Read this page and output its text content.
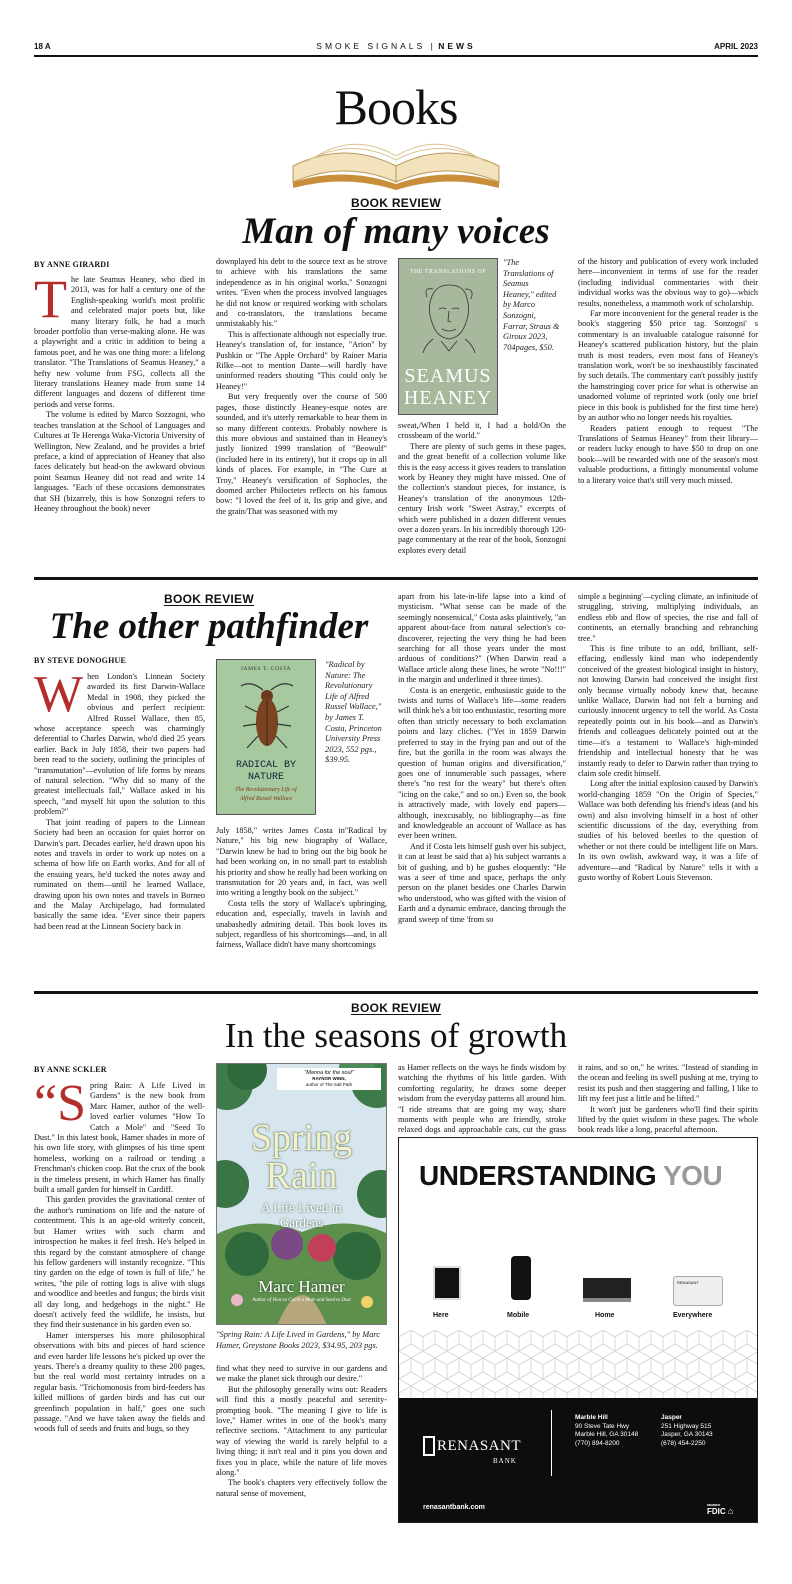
18 A	SMOKE SIGNALS | NEWS	APRIL 2023
Books
BOOK REVIEW
Man of many voices
BY ANNE GIRARDI
T he late Seamus Heaney, who died in 2013, was for half a century one of the English-speaking world's most prolific and celebrated major poets but, like many literary folk, he had a much broader portfolio than verse-making alone. He was a playwright and a critic in addition to being a famous poet, and he was one thing more: a lifelong translator. "The Translations of Seamus Heaney," a hefty new volume from FSG, collects all the literary translations Heaney made from some 14 different languages and dozens of different time periods and verse forms.

The volume is edited by Marco Sozzogni, who teaches translation at the School of Languages and Cultures at Te Herenga Waka-Victoria University of Wellington, New Zealand, and he provides a brief preface, a kind of appreciation of Heaney that also faces delicately but head-on the awkward obvious point Seamus Heaney did not read and write 14 languages. "Each of these occasions demonstrates that SH (bizarrely, this is how Sonzogni refers to Heaney throughout the book) never

downplayed his debt to the source text as he strove to achieve with his translations the same independence as in his original works," Sonzogni writes. "Even when the process involved languages he did not know or required working with scholars and co-translators, the translations became unmistakably his."

This is affectionate although not especially true. Heaney's translation of, for instance, "Arion" by Pushkin or "The Apple Orchard" by Rainer Maria Rilke—not to mention Dante—will hardly have uninformed readers shouting "This could only be Heaney!"

But very frequently over the course of 500 pages, those distinctly Heaney-esque notes are sounded, and it's utterly remarkable to hear them in so many different contexts. Probably nowhere is this more obvious and sustained than in Heaney's justly lionized 1999 translation of "Beowulf" (included here in its entirety), but it crops up in all kinds of places. For example, in "The Cure at Troy," Heaney's versification of Sophocles, the doomed archer Philoctetes reflects on his famous bow: "I loved the feel of it, Its grip and give, and the grain/That was seasoned with my

THE TRANSLATIONS OF
SEAMUS
HEANEY
"The Translations of Seamus Heaney," edited by Marco Sonzogni, Farrar, Straus & Giroux 2023, 704pages, $50.

sweat,/When I held it, I had a hold/On the crossbeam of the world."

There are plenty of such gems in these pages, and the great benefit of a collection volume like this is the easy access it gives readers to translation work by Heaney they might have missed. One of the collection's standout pieces, for instance, is Heaney's translation of the anonymous 12th-century Irish work "Sweet Astray," excerpts of which were published in a dozen different venues over a dozen years. In his incredibly thorough 120-page commentary at the rear of the book, Sonzogni explores every detail

of the history and publication of every work included here—inconvenient in terms of use for the reader (including individual commentaries with their individual works was the obvious way to go)—which results, nonetheless, a mammoth work of scholarship.

Far more inconvenient for the general reader is the book's staggering $50 price tag. Sonzogni' s commentary is an invaluable catalogue raisonné for Heaney's scattered publication history, but the plain truth is most readers, even most fans of Heaney's translation work, won't be so inexhaustibly fascinated by such details. The commentary can't possibly justify the hamstringing cover price for what is otherwise an unadorned volume of reprinted work (only one brief piece in this book is published for the first time here) by an author who no longer needs his royalties.

Readers patient enough to request "The Translations of Seamus Heaney" from their library—or readers lucky enough to have $50 to drop on one book—will be rewarded with one of the season's most valuable productions, a fittingly monumental volume to a literary voice that's still very much missed.

BOOK REVIEW
The other pathfinder
BY STEVE DONOGHUE
W hen London's Linnean Society awarded its first Darwin-Wallace Medal in 1908, they picked the obvious and perfect recipient: Alfred Russel Wallace, then 85, whose acceptance speech was charmingly deferential to Charles Darwin, who'd died 25 years earlier. Back in July 1858, their two papers had been read to the society, outlining the principles of "transmutation"—evolution of life forms by means of natural selection. "Why did so many of the greatest intellectuals fail," Wallace asked in his speech, "and myself hit upon the solution to this problem?"

That joint reading of papers to the Linnean Society had been an occasion for quiet horror on Darwin's part. Decades earlier, he'd drawn upon his notes and travels in order to work up notes on a schema of how life on Earth works. And for all of the ensuing years, he'd tucked the notes away and ruminated on them—until he learned Wallace, drawing upon his own notes and travels in Borneo and the Malay Archipelago, had formulated basically the same idea. "Ever since their papers had been read at the Linnean Society back in

JAMES T. COSTA
RADICAL BY
NATURE
The Revolutionary Life of
Alfred Russel Wallace
"Radical by Nature: The Revolutionary Life of Alfred Russel Wallace," by James T. Costa, Princeton University Press 2023, 552 pgs., $39.95.

July 1858," writes James Costa in"Radical by Nature," his big new biography of Wallace, "Darwin knew he had to bring out the big book he had been working on, in no small part to establish his priority and show he really had been working on transmutation for 20 years and, in fact, was well into writing a lengthy book on the subject."

Costa tells the story of Wallace's upbringing, education and, especially, travels in lavish and unabashedly admiring detail. This book loves its subject, regardless of his shortcomings—and, in all fairness, Wallace didn't have many shortcomings

apart from his late-in-life lapse into a kind of mysticism. "What sense can be made of the seemingly nonsensical," Costa asks plaintively, "an apparent about-face from natural selection's co-discoverer, rejecting the very thing he had been searching for all those years under the most arduous of conditions?" (When Darwin read a Wallace article along these lines, he wrote "No!!!" in the margin and underlined it three times).

Costa is an energetic, enthusiastic guide to the twists and turns of Wallace's life—some readers will think he's a bit too enthusiastic, resorting more often than strictly necessary to both exclamation points and lazy cliches. ("Yet in 1859 Darwin preferred to stay in the frying pan and out of the fire, but the gorilla in the room was always the question of human origins and diversification," goes one of innumerable such passages, where there's "no rest for the weary" but there's often "icing on the cake," and so on.) Even so, the book is attractively made, with lovely end papers—although, inexcusably, no bibliography—as fine and knowledgeable an account of Wallace as has ever been written.

And if Costa lets himself gush over his subject, it can at least be said that a) his subject warrants a bit of gushing, and b) he gushes eloquently: "He was a seer of time and space, perhaps the only person on the planet besides one Charles Darwin who understood, who was gifted with the vision of Earth and a dynamic embrace, dancing through the grand sweep of time 'from so

simple a beginning'—cycling climate, an infinitude of struggling, striving, multiplying individuals, an endless ebb and flow of species, the rise and fall of continents, an eternally branching and rebranching tree."

This is fine tribute to an odd, brilliant, self-effacing, endlessly kind man who independently conceived of the greatest biological insight in history, not knowing Darwin had conceived the insight first only because virtually nobody knew that, because unlike Wallace, Darwin had not felt a burning and curiously innocent urgency to tell the world. As Costa repeatedly points out in his book—and as Darwin's friends and colleagues delicately pointed out at the time—it's a testament to Wallace's high-minded friendship and intellectual honesty that he was instantly ready to defer to Darwin rather than trying to claim sole credit himself.

Long after the initial explosion caused by Darwin's world-changing 1859 "On the Origin of Species," Wallace was both defending his friend's ideas (and his own) and also involving himself in a host of other scientific discussions of the day, everything from studies of his beloved beetles to the question of whether or not there could be intelligent life on Mars. In its own owlish, awkward way, it was a life of adventure—and "Radical by Nature" tells it with a gusto worthy of Robert Louis Stevenson.

BOOK REVIEW
In the seasons of growth
BY ANNE SCKLER
“S pring Rain: A Life Lived in Gardens" is the new book from Marc Hamer, author of the well-loved earlier volumes "How To Catch a Mole" and "Seed To Dust." In this latest book, Hamer shades in more of his own life story, with glimpses of his time spent homeless, working on a railroad or tending a Frenchman's chicken coop. But the crux of the book is the timeless present, in which Hamer has finally built a small garden for himself in Cardiff.

This garden provides the gravitational center of the author's ruminations on life and the nature of contentment. This is an age-old writerly conceit, but Hamer writes with such charm and introspection he makes it feel fresh. He's helped in this regard by the constant atmosphere of change his fellow gardeners will instantly recognize. "This tiny garden on the edge of town is full of life," he writes, "the pile of rotting logs is alive with slugs and woodlice and beetles and fungus; the birds visit all day long, and hedgehogs in the night." He doesn't actively feed the wildlife, he insists, but they find their sustenance in his garden even so.

Hamer intersperses his more philosophical observations with bits and pieces of hard science and even harder life lessons he's picked up over the years. There's a dreamy quality to these 200 pages, but the real world most certainty intrudes on a regular basis. "Trichomonosis from bird-feeders has killed millions of garden birds and has cut our greenfinch population in half," goes one such passage. "And we have taken away the fields and woods full of seeds and fruits and bugs, so they

"Manna for the soul"
RAYNOR WINN,
author of The Salt Path
Spring
Rain
A Life Lived in
Gardens
Marc Hamer
Author of How to Catch a Mole and Seed to Dust
"Spring Rain: A Life Lived in Gardens," by Marc Hamer, Greystone Books 2023, $34.95, 203 pgs.

find what they need to survive in our gardens and we make the planet sick through our desire."

But the philosophy generally wins out: Readers will find this a mostly peaceful and serenity-prompting book. "The meaning I give to life is love," Hamer writes in one of the book's many reflective sections. "Attachment to any particular way of viewing the world is rarely helpful to a living thing; it isn't real and it pins you down and fixes you in place, while the nature of life moves along."

The book's chapters very effectively follow the natural sense of movement,

as Hamer reflects on the ways he finds wisdom by watching the rhythms of his little garden. With comforting regularity, he draws some deeper wisdom from the everyday patterns all around him. "I ride streams that are going my way, share moments with people who are friendly, stroke relaxed dogs and approachable cats, cut the grass

it rains, and so on," he writes. "Instead of standing in the ocean and feeling its swell pushing at me, trying to resist its push and then staggering and falling, I like to lift my feet just a little and be lifted."

It won't just be gardeners who'll find their spirits lifted by the quiet wisdom in these pages. The whole book reads like a long, peaceful afternoon.

UNDERSTANDING YOU
RENASANT
Here	Mobile	Home	Everywhere
RENASANT
BANK
Marble Hill
90 Steve Tate Hwy
Marble Hill, GA 30148
(770) 894-8200
Jasper
251 Highway 515
Jasper, GA 30143
(678) 454-2250
renasantbank.com	MEMBER
FDIC ⌂
